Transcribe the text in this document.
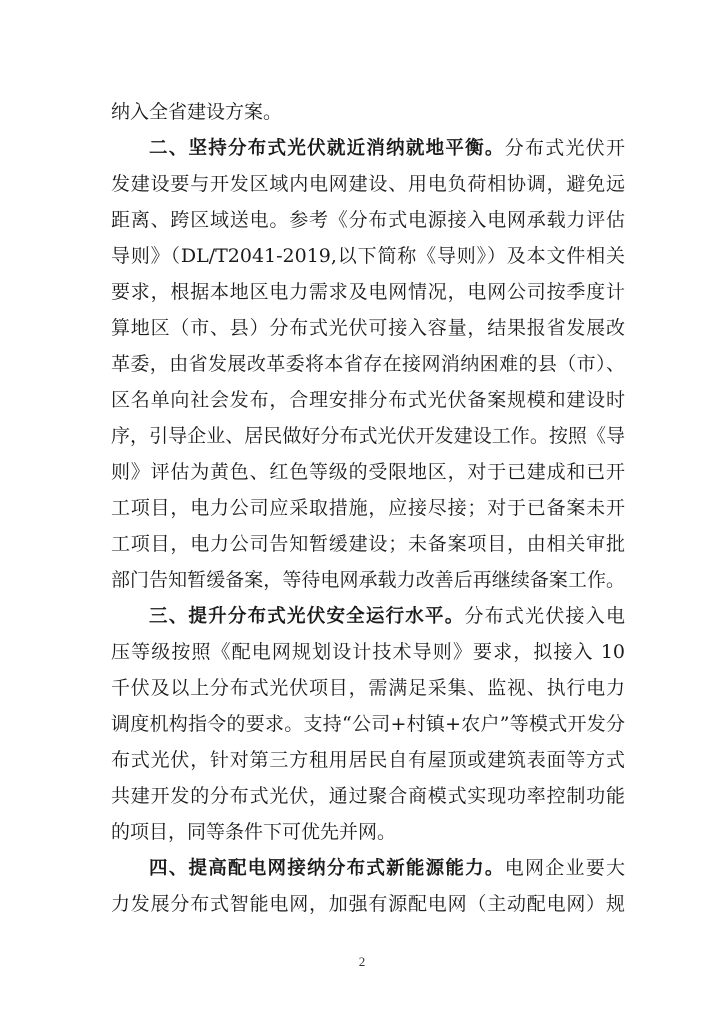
纳入全省建设方案。
二、坚持分布式光伏就近消纳就地平衡。分布式光伏开
发建设要与开发区域内电网建设、用电负荷相协调，避免远
距离、跨区域送电。参考《分布式电源接入电网承载力评估
导则》（DL/T2041-2019,以下简称《导则》）及本文件相关
要求，根据本地区电力需求及电网情况，电网公司按季度计
算地区（市、县）分布式光伏可接入容量，结果报省发展改
革委，由省发展改革委将本省存在接网消纳困难的县（市）、
区名单向社会发布，合理安排分布式光伏备案规模和建设时
序，引导企业、居民做好分布式光伏开发建设工作。按照《导
则》评估为黄色、红色等级的受限地区，对于已建成和已开
工项目，电力公司应采取措施，应接尽接；对于已备案未开
工项目，电力公司告知暂缓建设；未备案项目，由相关审批
部门告知暂缓备案，等待电网承载力改善后再继续备案工作。
三、提升分布式光伏安全运行水平。分布式光伏接入电
压等级按照《配电网规划设计技术导则》要求，拟接入 10
千伏及以上分布式光伏项目，需满足采集、监视、执行电力
调度机构指令的要求。支持“公司+村镇+农户”等模式开发分
布式光伏，针对第三方租用居民自有屋顶或建筑表面等方式
共建开发的分布式光伏，通过聚合商模式实现功率控制功能
的项目，同等条件下可优先并网。
四、提高配电网接纳分布式新能源能力。电网企业要大
力发展分布式智能电网，加强有源配电网（主动配电网）规
2
